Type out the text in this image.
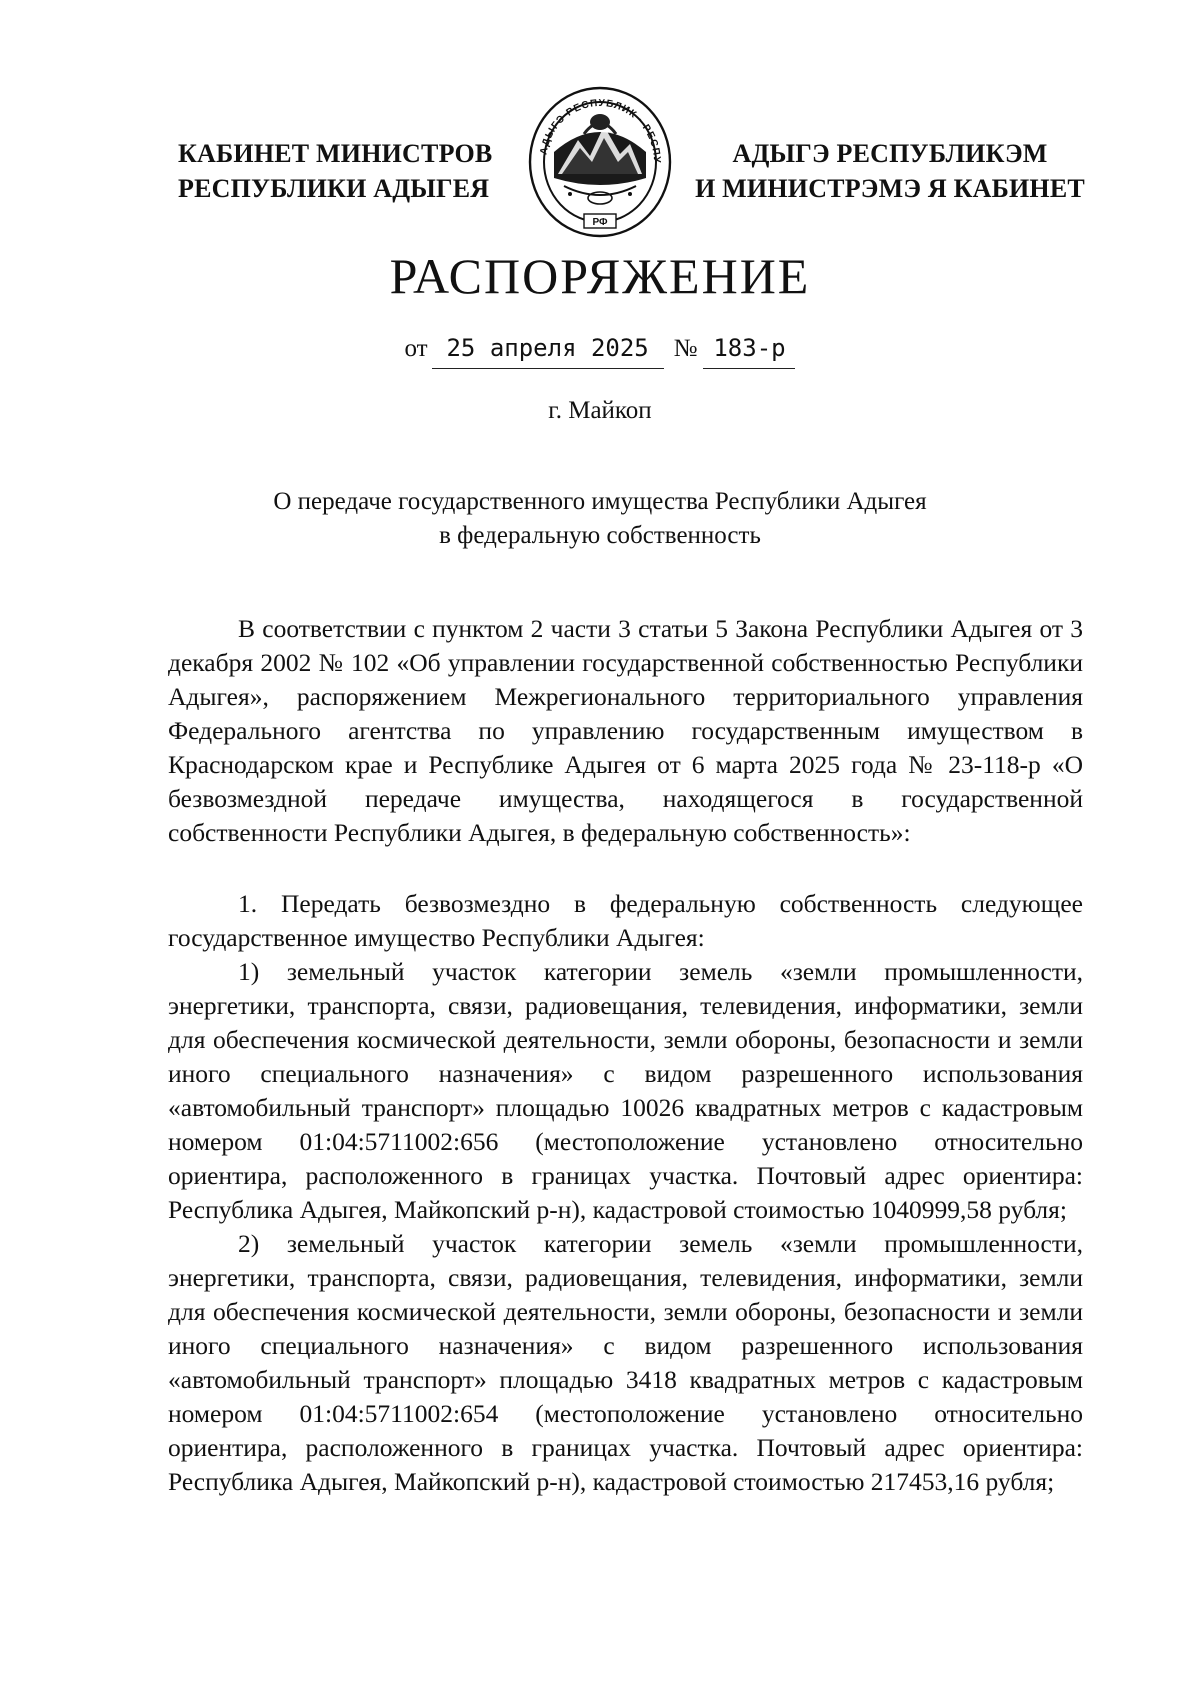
КАБИНЕТ МИНИСТРОВ
РЕСПУБЛИКИ АДЫГЕЯ
АДЫГЭ РЕСПУБЛИК · РЕСПУ
РФ
АДЫГЭ РЕСПУБЛИКЭМ
И МИНИСТРЭМЭ Я КАБИНЕТ
РАСПОРЯЖЕНИЕ
от 25 апреля 2025 № 183-р
г. Майкоп
О передаче государственного имущества Республики Адыгея
в федеральную собственность

В соответствии с пунктом 2 части 3 статьи 5 Закона Республики Адыгея от 3 декабря 2002 № 102 «Об управлении государственной собственностью Республики Адыгея», распоряжением Межрегионального территориального управления Федерального агентства по управлению государственным имуществом в Краснодарском крае и Республике Адыгея от 6 марта 2025 года № 23-118-р «О безвозмездной передаче имущества, находящегося в государственной собственности Республики Адыгея, в федеральную собственность»:

1. Передать безвозмездно в федеральную собственность следующее государственное имущество Республики Адыгея:

1) земельный участок категории земель «земли промышленности, энергетики, транспорта, связи, радиовещания, телевидения, информатики, земли для обеспечения космической деятельности, земли обороны, безопасности и земли иного специального назначения» с видом разрешенного использования «автомобильный транспорт» площадью 10026 квадратных метров с кадастровым номером 01:04:5711002:656 (местоположение установлено относительно ориентира, расположенного в границах участка. Почтовый адрес ориентира: Республика Адыгея, Майкопский р-н), кадастровой стоимостью 1040999,58 рубля;

2) земельный участок категории земель «земли промышленности, энергетики, транспорта, связи, радиовещания, телевидения, информатики, земли для обеспечения космической деятельности, земли обороны, безопасности и земли иного специального назначения» с видом разрешенного использования «автомобильный транспорт» площадью 3418 квадратных метров с кадастровым номером 01:04:5711002:654 (местоположение установлено относительно ориентира, расположенного в границах участка. Почтовый адрес ориентира: Республика Адыгея, Майкопский р-н), кадастровой стоимостью 217453,16 рубля;
